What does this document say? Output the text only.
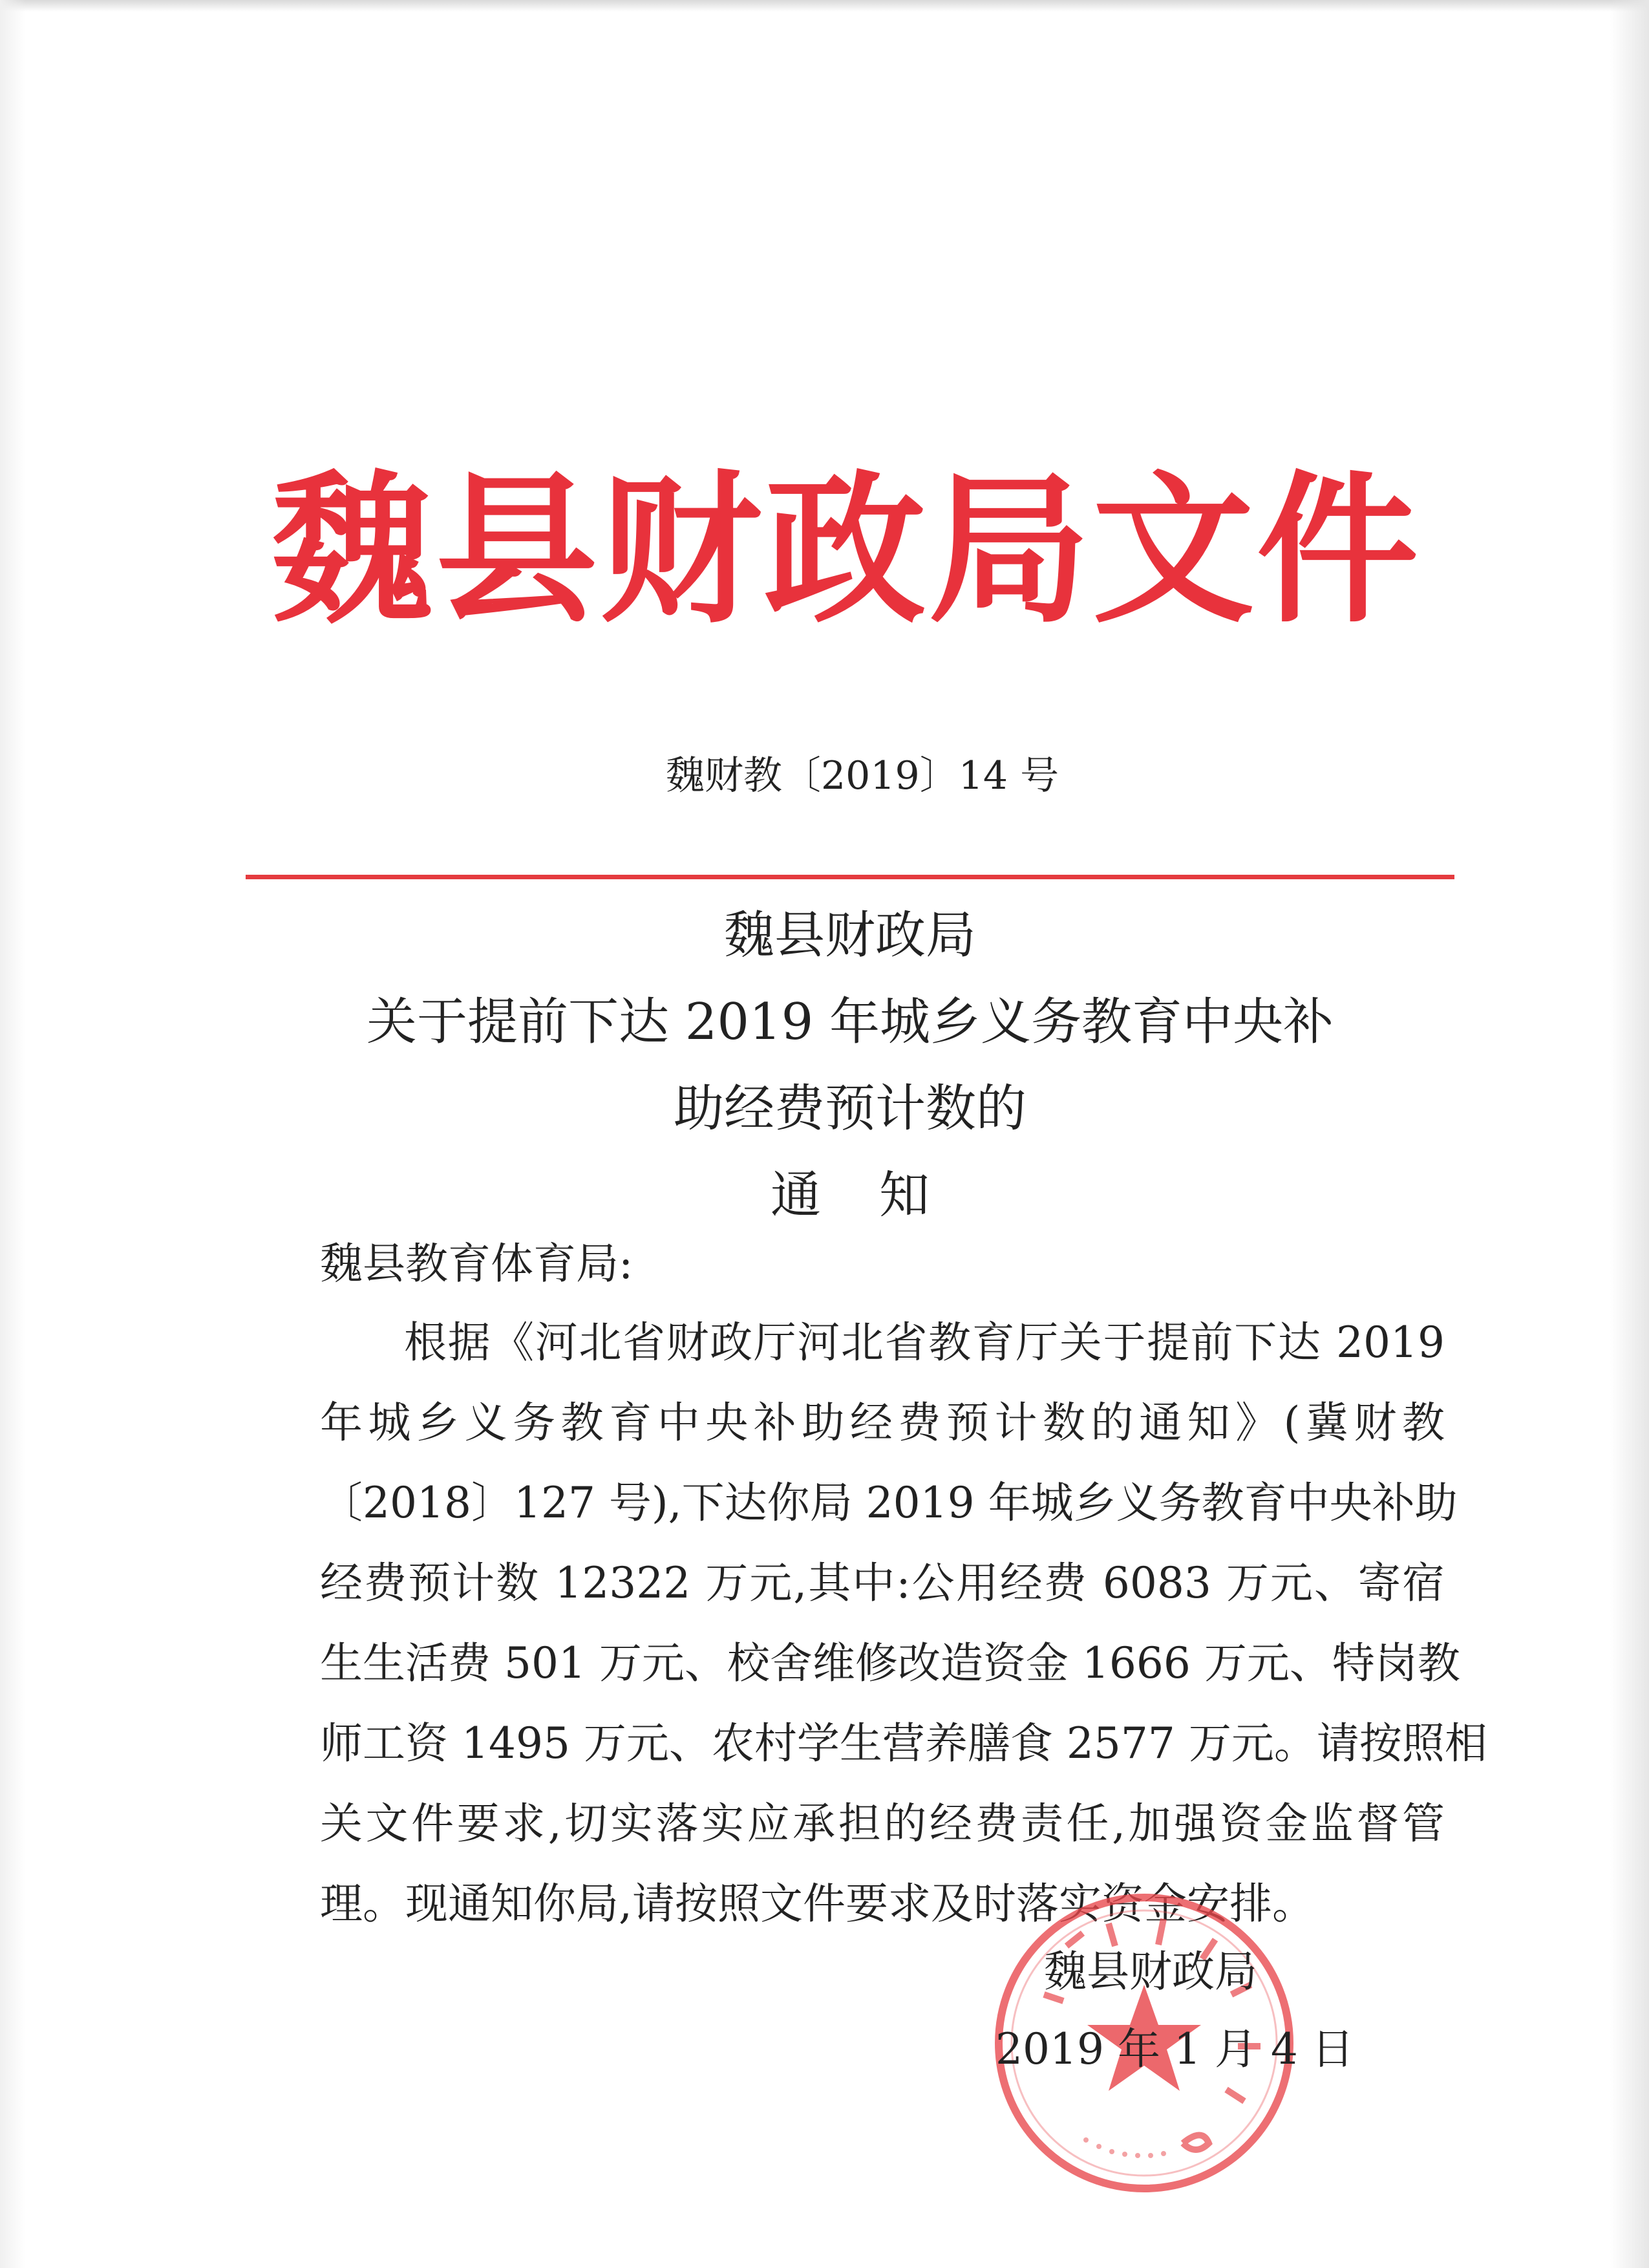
魏县财政局文件
魏财教〔2019〕14 号
魏县财政局
关于提前下达 2019 年城乡义务教育中央补
助经费预计数的
通知
魏县教育体育局:
根据《河北省财政厅河北省教育厅关于提前下达 2019
年城乡义务教育中央补助经费预计数的通知》(冀财教
〔2018〕127 号),下达你局 2019 年城乡义务教育中央补助
经费预计数 12322 万元,其中:公用经费 6083 万元、寄宿
生生活费 501 万元、校舍维修改造资金 1666 万元、特岗教
师工资 1495 万元、农村学生营养膳食 2577 万元。请按照相
关文件要求,切实落实应承担的经费责任,加强资金监督管
理。现通知你局,请按照文件要求及时落实资金安排。
魏县财政局
2019 年 1 月 4 日
